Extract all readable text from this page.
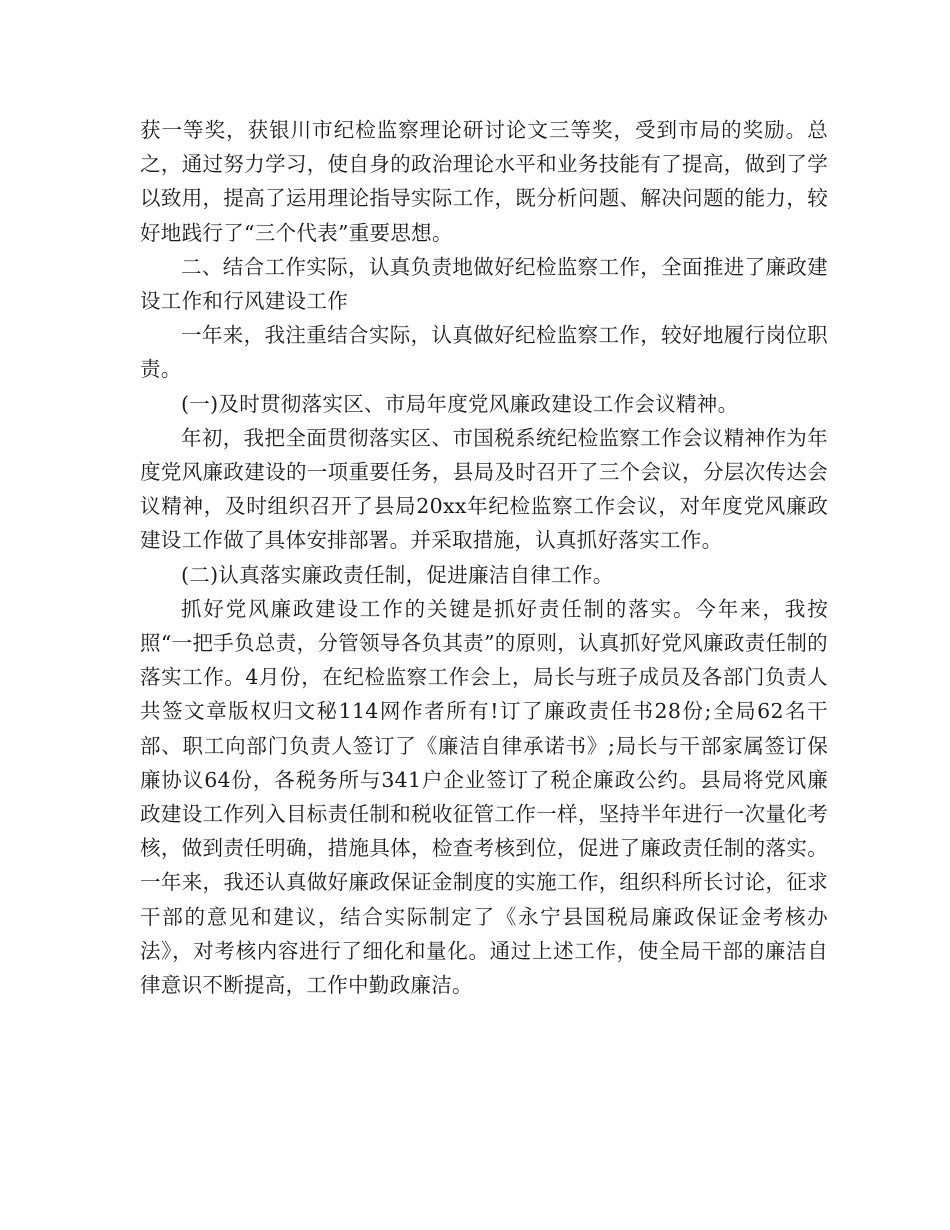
获一等奖，获银川市纪检监察理论研讨论文三等奖，受到市局的奖励。总之，通过努力学习，使自身的政治理论水平和业务技能有了提高，做到了学以致用，提高了运用理论指导实际工作，既分析问题、解决问题的能力，较好地践行了“三个代表”重要思想。

二、结合工作实际，认真负责地做好纪检监察工作，全面推进了廉政建设工作和行风建设工作

一年来，我注重结合实际，认真做好纪检监察工作，较好地履行岗位职责。

(一)及时贯彻落实区、市局年度党风廉政建设工作会议精神。

年初，我把全面贯彻落实区、市国税系统纪检监察工作会议精神作为年度党风廉政建设的一项重要任务，县局及时召开了三个会议，分层次传达会议精神，及时组织召开了县局20xx年纪检监察工作会议，对年度党风廉政建设工作做了具体安排部署。并采取措施，认真抓好落实工作。

(二)认真落实廉政责任制，促进廉洁自律工作。

抓好党风廉政建设工作的关键是抓好责任制的落实。今年来，我按照“一把手负总责，分管领导各负其责”的原则，认真抓好党风廉政责任制的落实工作。4月份，在纪检监察工作会上，局长与班子成员及各部门负责人共签文章版权归文秘114网作者所有!订了廉政责任书28份;全局62名干部、职工向部门负责人签订了《廉洁自律承诺书》;局长与干部家属签订保廉协议64份，各税务所与341户企业签订了税企廉政公约。县局将党风廉政建设工作列入目标责任制和税收征管工作一样，坚持半年进行一次量化考核，做到责任明确，措施具体，检查考核到位，促进了廉政责任制的落实。一年来，我还认真做好廉政保证金制度的实施工作，组织科所长讨论，征求干部的意见和建议，结合实际制定了《永宁县国税局廉政保证金考核办法》，对考核内容进行了细化和量化。通过上述工作，使全局干部的廉洁自律意识不断提高，工作中勤政廉洁。
